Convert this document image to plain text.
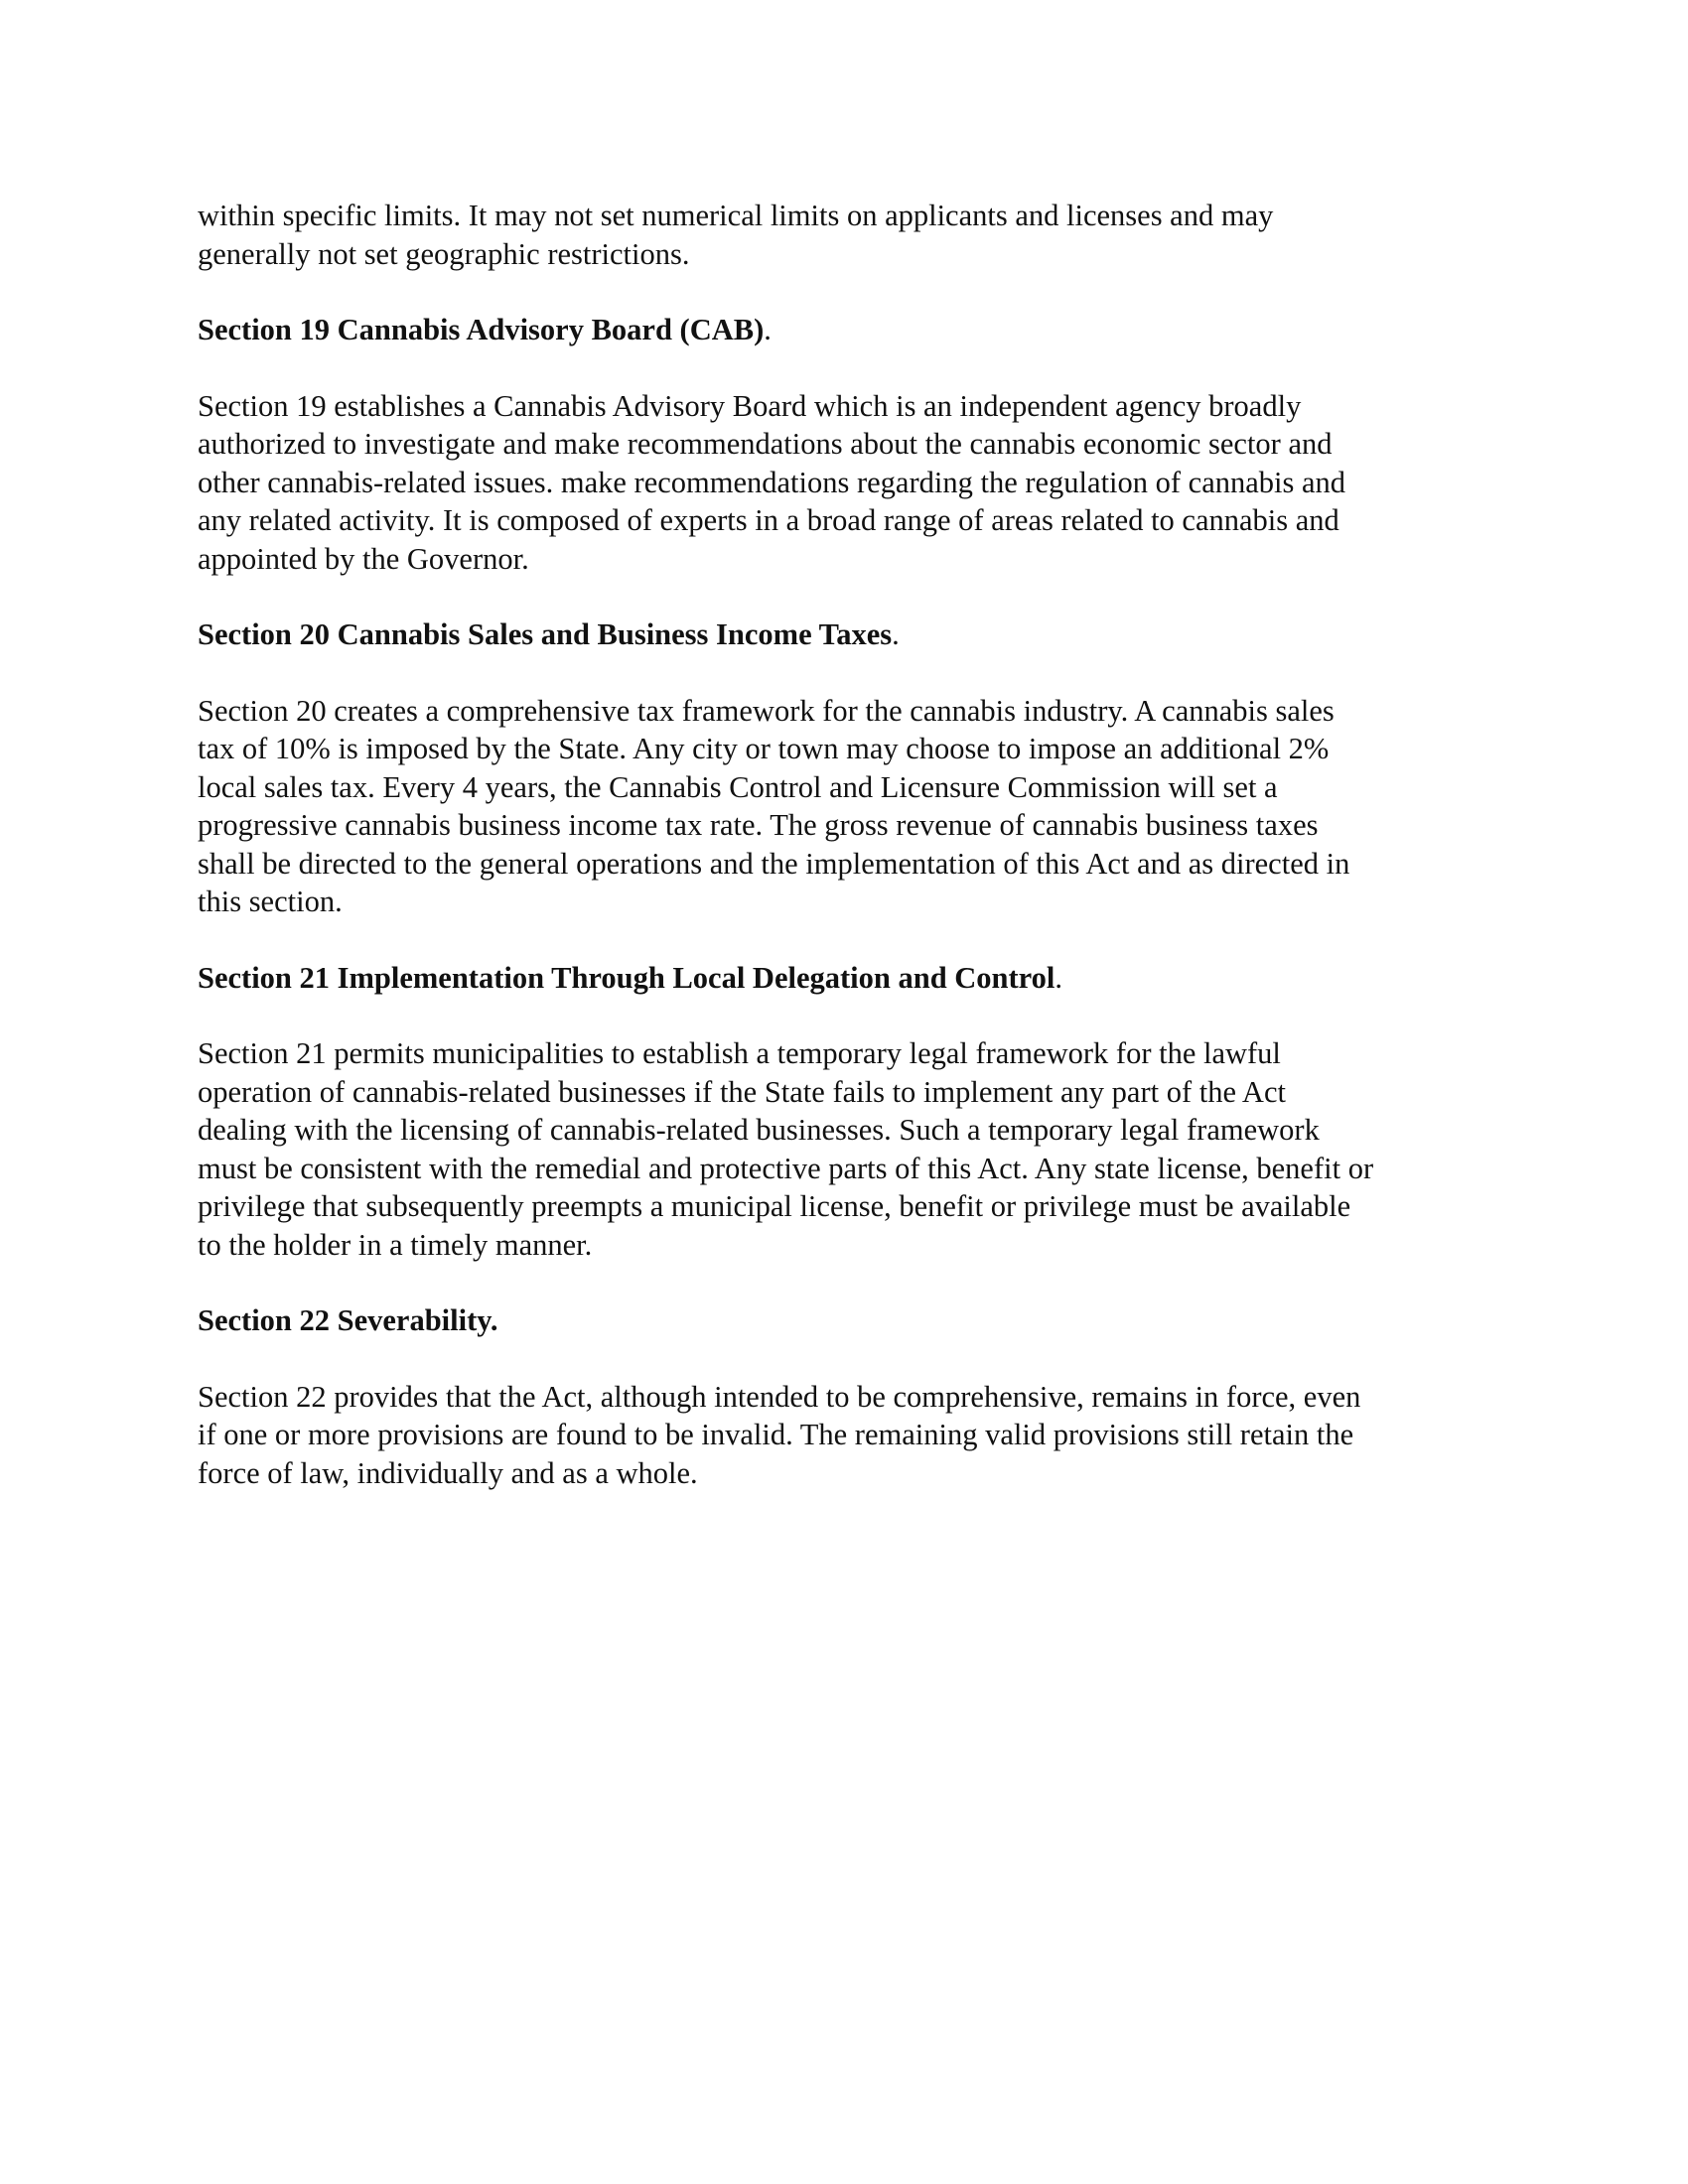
within specific limits. It may not set numerical limits on applicants and licenses and may
generally not set geographic restrictions.

Section 19 Cannabis Advisory Board (CAB).

Section 19 establishes a Cannabis Advisory Board which is an independent agency broadly
authorized to investigate and make recommendations about the cannabis economic sector and
other cannabis-related issues. make recommendations regarding the regulation of cannabis and
any related activity. It is composed of experts in a broad range of areas related to cannabis and
appointed by the Governor.

Section 20 Cannabis Sales and Business Income Taxes.

Section 20 creates a comprehensive tax framework for the cannabis industry. A cannabis sales
tax of 10% is imposed by the State. Any city or town may choose to impose an additional 2%
local sales tax. Every 4 years, the Cannabis Control and Licensure Commission will set a
progressive cannabis business income tax rate. The gross revenue of cannabis business taxes
shall be directed to the general operations and the implementation of this Act and as directed in
this section.

Section 21 Implementation Through Local Delegation and Control.

Section 21 permits municipalities to establish a temporary legal framework for the lawful
operation of cannabis-related businesses if the State fails to implement any part of the Act
dealing with the licensing of cannabis-related businesses. Such a temporary legal framework
must be consistent with the remedial and protective parts of this Act. Any state license, benefit or
privilege that subsequently preempts a municipal license, benefit or privilege must be available
to the holder in a timely manner.

Section 22 Severability.

Section 22 provides that the Act, although intended to be comprehensive, remains in force, even
if one or more provisions are found to be invalid. The remaining valid provisions still retain the
force of law, individually and as a whole.
